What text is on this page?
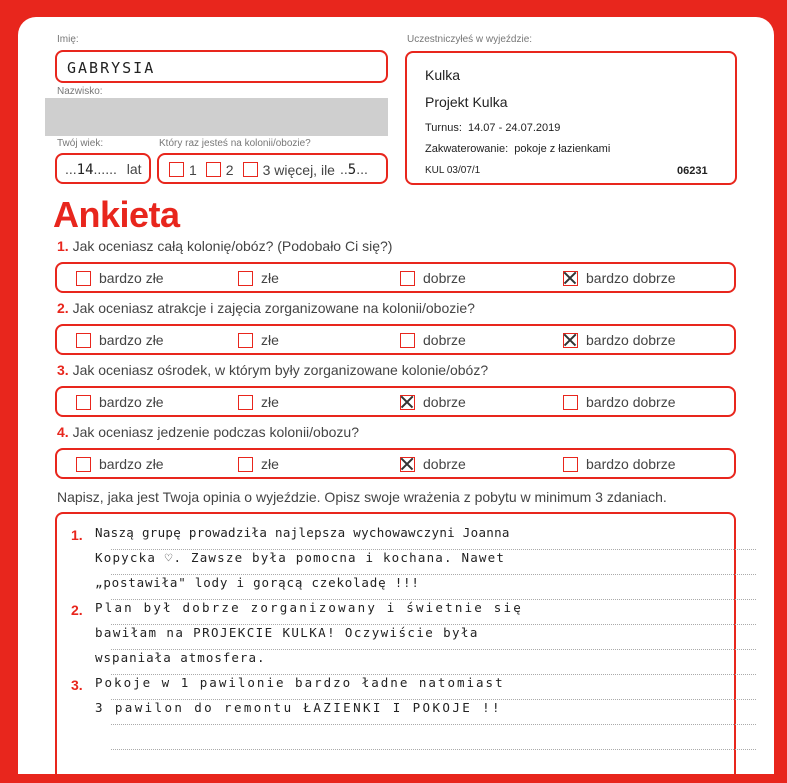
Imię:
GABRYSIA
Nazwisko:
Twój wiek:
...14...... lat
Który raz jesteś na kolonii/obozie?
1 2 3 więcej, ile ..5...
Uczestniczyłeś w wyjeździe:
Kulka
Projekt Kulka
Turnus: 14.07 - 24.07.2019
Zakwaterowanie: pokoje z łazienkami
KUL 03/07/1	06231
Ankieta
1. Jak oceniasz całą kolonię/obóz? (Podobało Ci się?)
bardzo złe	złe	dobrze	bardzo dobrze
2. Jak oceniasz atrakcje i zajęcia zorganizowane na kolonii/obozie?
bardzo złe	złe	dobrze	bardzo dobrze
3. Jak oceniasz ośrodek, w którym były zorganizowane kolonie/obóz?
bardzo złe	złe	dobrze	bardzo dobrze
4. Jak oceniasz jedzenie podczas kolonii/obozu?
bardzo złe	złe	dobrze	bardzo dobrze
Napisz, jaka jest Twoja opinia o wyjeździe. Opisz swoje wrażenia z pobytu w minimum 3 zdaniach.
1. Naszą grupę prowadziła najlepsza wychowawczyni Joanna
Kopycka ♡. Zawsze była pomocna i kochana. Nawet
„postawiła" lody i gorącą czekoladę !!!
2. Plan był dobrze zorganizowany i świetnie się
bawiłam na PROJEKCIE KULKA! Oczywiście była
wspaniała atmosfera.
3. Pokoje w 1 pawilonie bardzo ładne natomiast
3 pawilon do remontu ŁAZIENKI I POKOJE !!
